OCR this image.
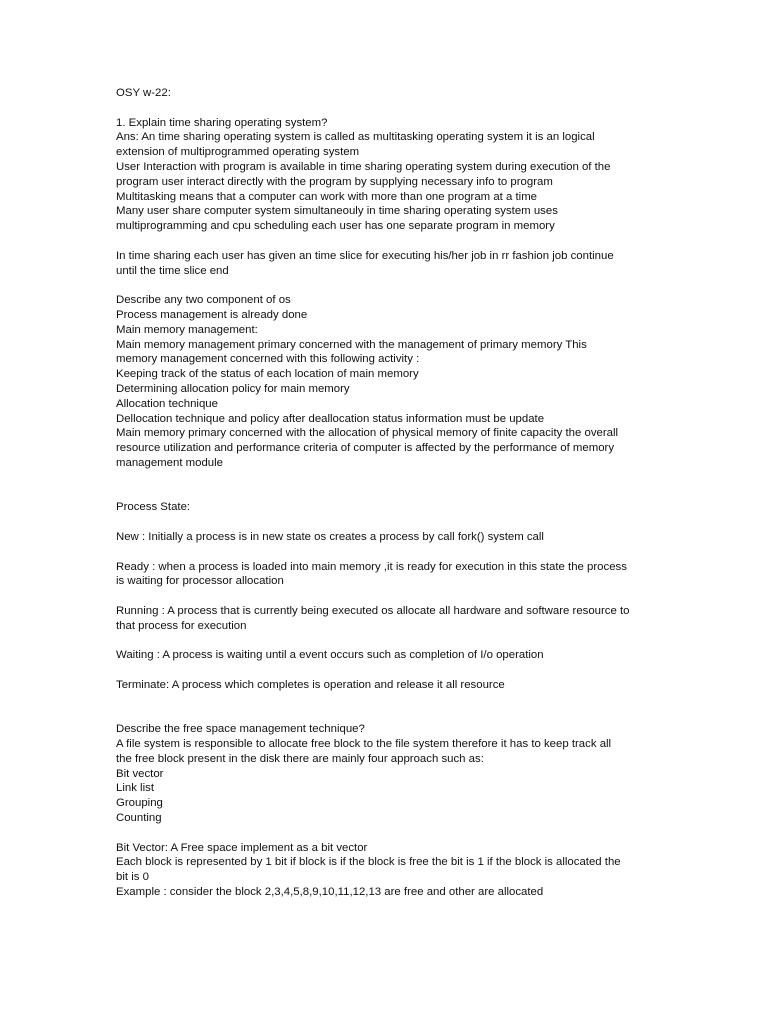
OSY w-22:
1. Explain time sharing operating system?
Ans: An time sharing operating system is called as multitasking operating system it is an logical
extension of multiprogrammed operating system
User Interaction with program is available in time sharing operating system during execution of the
program user interact directly with the program by supplying necessary info to program
Multitasking means that a computer can work with more than one program at a time
Many user share computer system simultaneouly in time sharing operating system uses
multiprogramming and cpu scheduling each user has one separate program in memory
In time sharing each user has given an time slice for executing his/her job in rr fashion job continue
until the time slice end
Describe any two component of os
Process management is already done
Main memory management:
Main memory management primary concerned with the management of primary memory This
memory management concerned with this following activity :
Keeping track of the status of each location of main memory
Determining allocation policy for main memory
Allocation technique
Dellocation technique and policy after deallocation status information must be update
Main memory primary concerned with the allocation of physical memory of finite capacity the overall
resource utilization and performance criteria of computer is affected by the performance of memory
management module
Process State:
New : Initially a process is in new state os creates a process by call fork() system call
Ready : when a process is loaded into main memory ,it is ready for execution in this state the process
is waiting for processor allocation
Running : A process that is currently being executed os allocate all hardware and software resource to
that process for execution
Waiting : A process is waiting until a event occurs such as completion of I/o operation
Terminate: A process which completes is operation and release it all resource
Describe the free space management technique?
A file system is responsible to allocate free block to the file system therefore it has to keep track all
the free block present in the disk there are mainly four approach such as:
Bit vector
Link list
Grouping
Counting
Bit Vector: A Free space implement as a bit vector
Each block is represented by 1 bit if block is if the block is free the bit is 1 if the block is allocated the
bit is 0
Example : consider the block 2,3,4,5,8,9,10,11,12,13 are free and other are allocated
